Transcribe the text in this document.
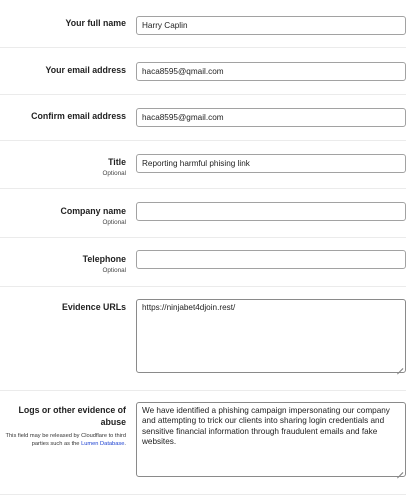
Your full name
Harry Caplin
Your email address
haca8595@qmail.com
Confirm email address
haca8595@gmail.com
Title
Optional
Reporting harmful phising link
Company name
Optional
Telephone
Optional
Evidence URLs
https://ninjabet4djoin.rest/
Logs or other evidence of abuse
This field may be released by Cloudflare to third parties such as the Lumen Database.
We have identified a phishing campaign impersonating our company and attempting to trick our clients into sharing login credentials and sensitive financial information through fraudulent emails and fake websites.
